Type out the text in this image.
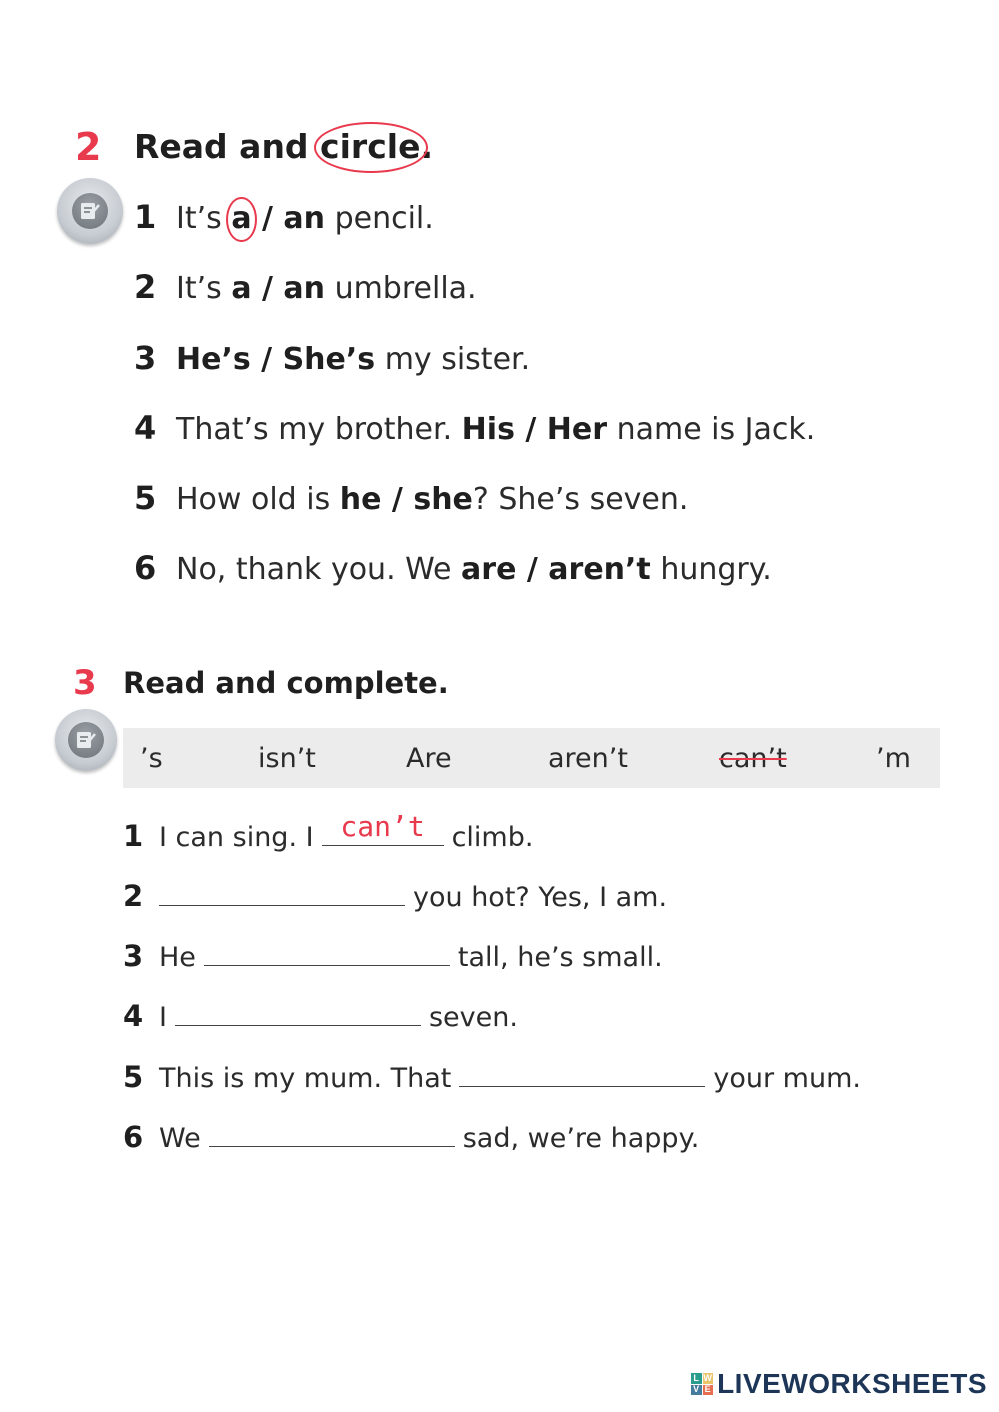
2 Read and
circle.
1 It’s
a / an pencil.
2 It’s a / an umbrella.
3 He’s / She’s my sister.
4 That’s my brother. His / Her name is Jack.
5 How old is he / she? She’s seven.
6 No, thank you. We are / aren’t hungry.
3 Read and complete.
’s	isn’t	Are	aren’t	can’t	’m
1 I can sing. I can’t climb.
2	you hot? Yes, I am.
3 He	tall, he’s small.
4 I	seven.
5 This is my mum. That	your mum.
6 We	sad, we’re happy.
L W
V E LIVEWORKSHEETS
